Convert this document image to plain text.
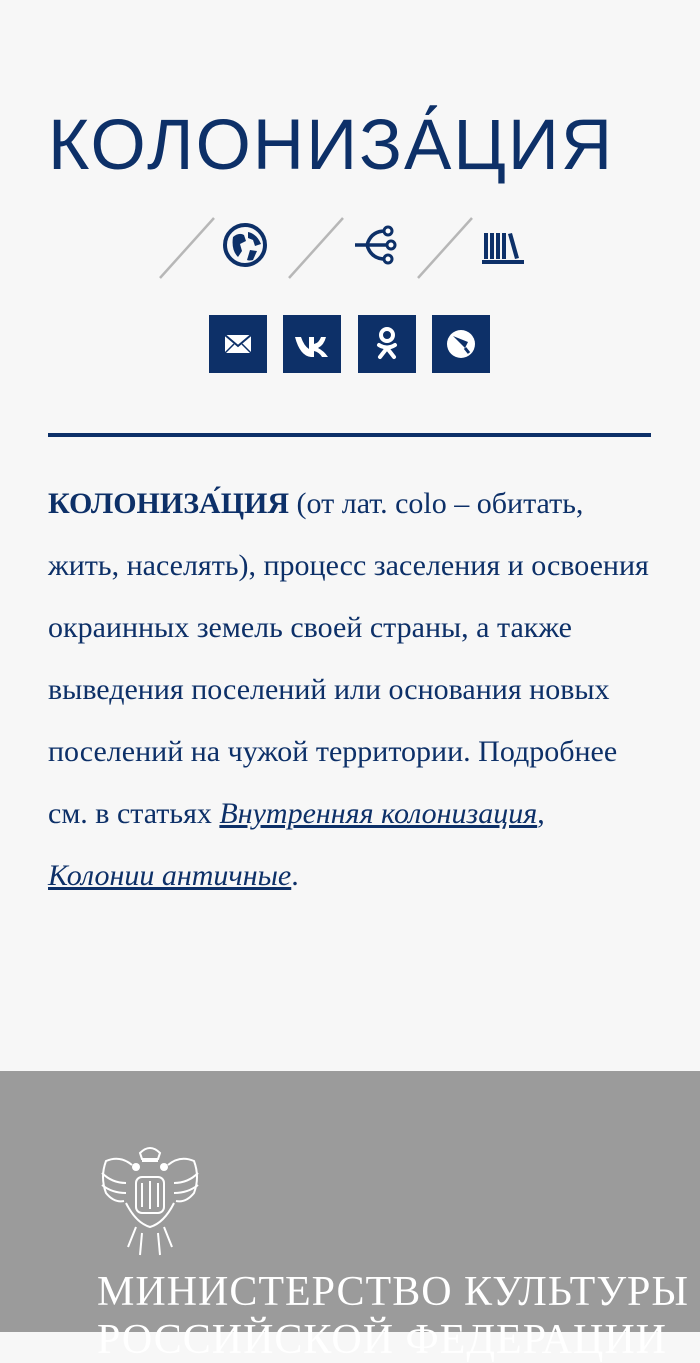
КОЛОНИЗА́ЦИЯ

КОЛОНИЗА́ЦИЯ (от лат. colo – обитать, жить, населять), процесс заселения и освоения окраинных земель своей страны, а также выведения поселений или основания новых поселений на чужой территории. Подробнее см. в статьях Внутренняя колонизация, Колонии античные.

МИНИСТЕРСТВО КУЛЬТУРЫ
РОССИЙСКОЙ ФЕДЕРАЦИИ
